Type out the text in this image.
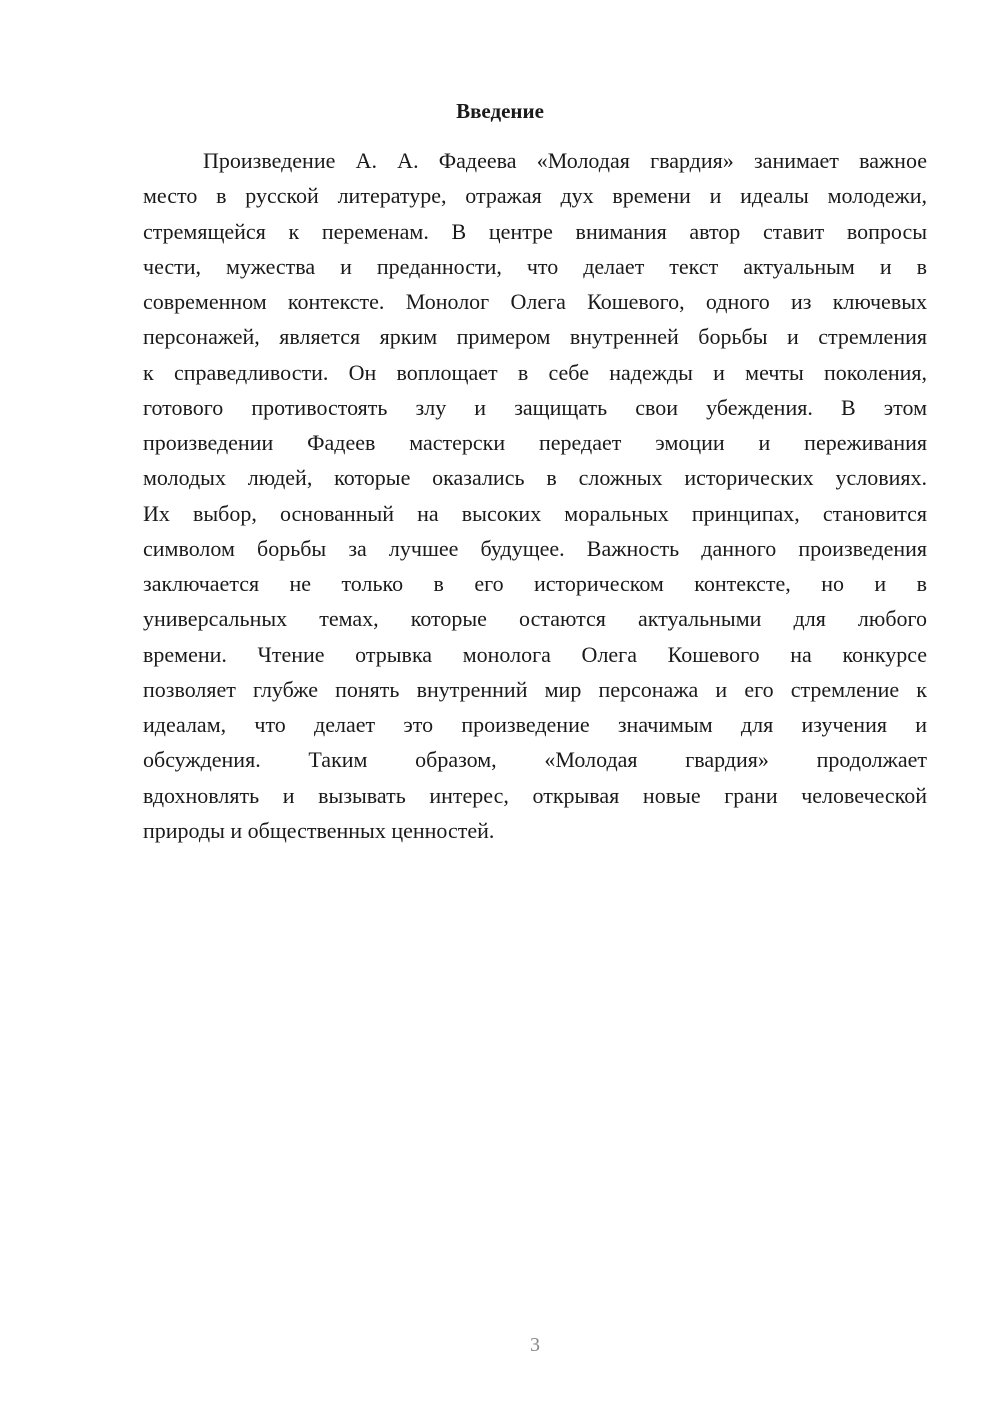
Введение
Произведение А. А. Фадеева «Молодая гвардия» занимает важное
место в русской литературе, отражая дух времени и идеалы молодежи,
стремящейся к переменам. В центре внимания автор ставит вопросы
чести, мужества и преданности, что делает текст актуальным и в
современном контексте. Монолог Олега Кошевого, одного из ключевых
персонажей, является ярким примером внутренней борьбы и стремления
к справедливости. Он воплощает в себе надежды и мечты поколения,
готового противостоять злу и защищать свои убеждения. В этом
произведении Фадеев мастерски передает эмоции и переживания
молодых людей, которые оказались в сложных исторических условиях.
Их выбор, основанный на высоких моральных принципах, становится
символом борьбы за лучшее будущее. Важность данного произведения
заключается не только в его историческом контексте, но и в
универсальных темах, которые остаются актуальными для любого
времени. Чтение отрывка монолога Олега Кошевого на конкурсе
позволяет глубже понять внутренний мир персонажа и его стремление к
идеалам, что делает это произведение значимым для изучения и
обсуждения. Таким образом, «Молодая гвардия» продолжает
вдохновлять и вызывать интерес, открывая новые грани человеческой
природы и общественных ценностей.
3
